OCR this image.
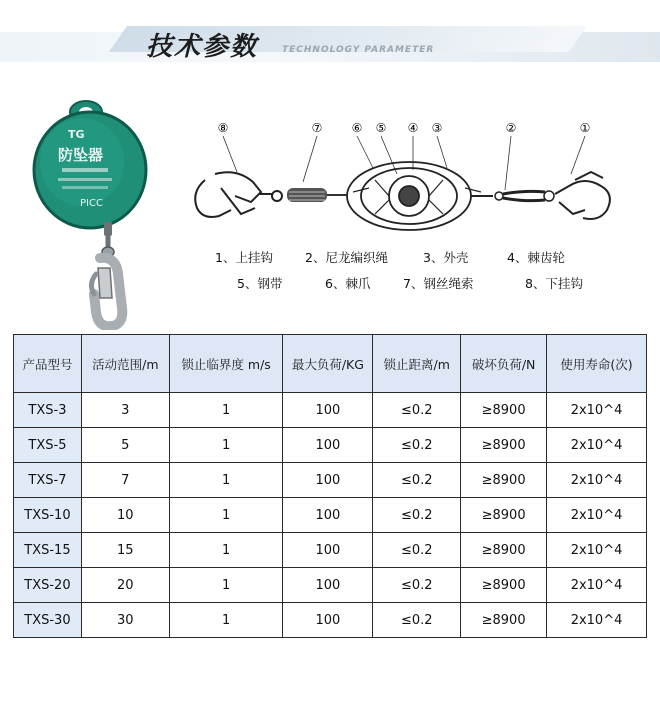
技术参数	TECHNOLOGY PARAMETER
TG
防坠器
PICC
⑧	⑦ ⑥ ⑤ ④ ③	②	①
1、上挂钩	2、尼龙编织绳	3、外壳	4、棘齿轮
5、钢带	6、棘爪	7、钢丝绳索	8、下挂钩
产品型号	活动范围/m	锁止临界度 m/s	最大负荷/KG	锁止距离/m	破坏负荷/N	使用寿命(次)
TXS-3	3	1	100	≤0.2	≥8900	2x10^4
TXS-5	5	1	100	≤0.2	≥8900	2x10^4
TXS-7	7	1	100	≤0.2	≥8900	2x10^4
TXS-10	10	1	100	≤0.2	≥8900	2x10^4
TXS-15	15	1	100	≤0.2	≥8900	2x10^4
TXS-20	20	1	100	≤0.2	≥8900	2x10^4
TXS-30	30	1	100	≤0.2	≥8900	2x10^4
